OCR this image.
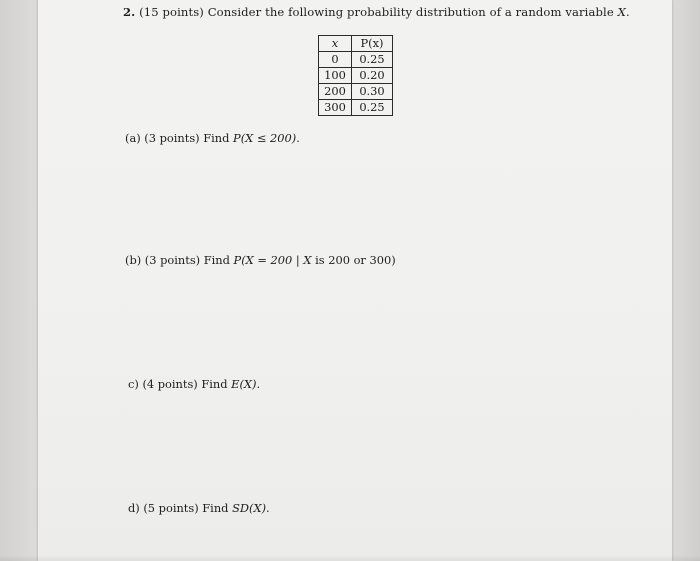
2. (15 points) Consider the following probability distribution of a random variable X.
x	P(x)
0	0.25
100	0.20
200	0.30
300	0.25
(a) (3 points) Find P(X ≤ 200).
(b) (3 points) Find P(X = 200 | X is 200 or 300)
c) (4 points) Find E(X).
d) (5 points) Find SD(X).
